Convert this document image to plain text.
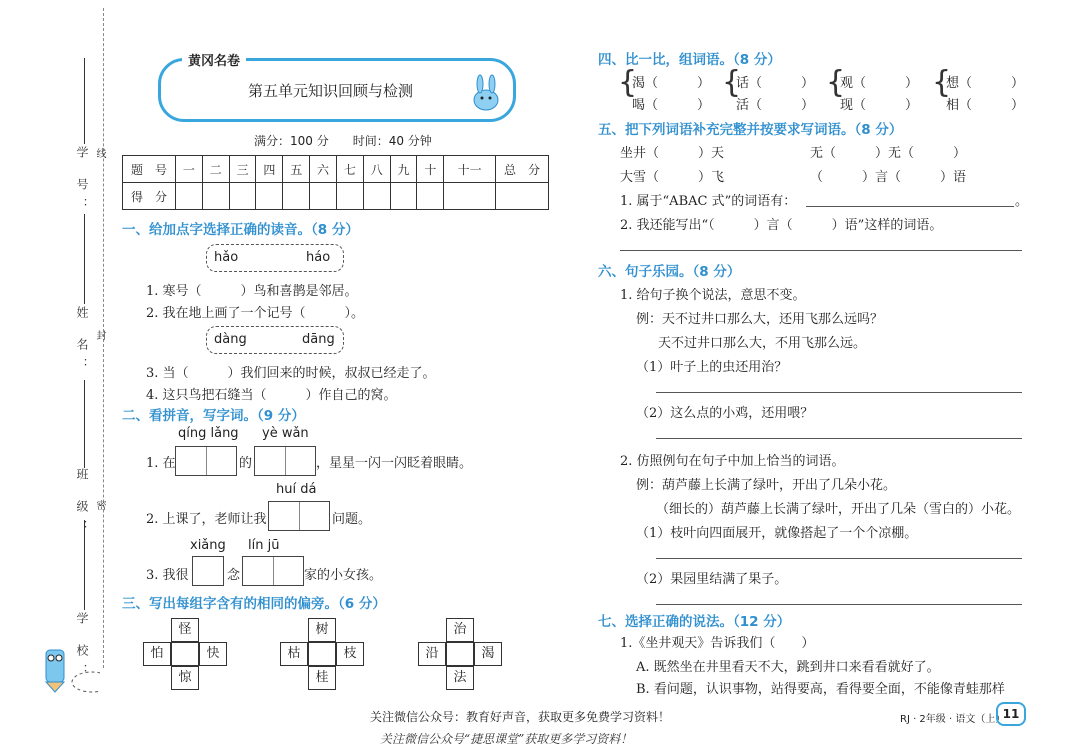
学 号： 线
姓 名： 封
班 级： 密
学 校：
黄冈名卷
第五单元知识回顾与检测
满分：100 分　　时间：40 分钟
题　号	一	二	三	四	五	六	七	八	九	十	十一	总　分
得　分												
一、给加点字选择正确的读音。（8 分）
hǎo	háo
1. 寒号（　　　）鸟和喜鹊是邻居。
2. 我在地上画了一个记号（　　　）。
dàng	dāng
3. 当（　　　）我们回来的时候，叔叔已经走了。
4. 这只鸟把石缝当（　　　）作自己的窝。
二、看拼音，写字词。（9 分）
qíng lǎng yè wǎn
1. 在	的	，星星一闪一闪眨着眼睛。
huí dá
2. 上课了，老师让我	问题。
xiǎng lín jū
3. 我很	念	家的小女孩。
三、写出每组字含有的相同的偏旁。（6 分）
怪
怕	快
惊
树
枯	枝
桂
治
沿	渴
法
四、比一比，组词语。（8 分）
{
渴（　　　）
喝（　　　）
{
话（　　　）
活（　　　）
{
观（　　　）
现（　　　）
{
想（　　　）
相（　　　）
五、把下列词语补充完整并按要求写词语。（8 分）
坐井（　　　）天	无（　　　）无（　　　）
大雪（　　　）飞	（　　　）言（　　　）语
1. 属于“ABAC 式”的词语有：	。
2. 我还能写出“（　　　）言（　　　）语”这样的词语。
六、句子乐园。（8 分）
1. 给句子换个说法，意思不变。
例：天不过井口那么大，还用飞那么远吗？
天不过井口那么大，不用飞那么远。
（1）叶子上的虫还用治？
（2）这么点的小鸡，还用喂？
2. 仿照例句在句子中加上恰当的词语。
例：葫芦藤上长满了绿叶，开出了几朵小花。
（细长的）葫芦藤上长满了绿叶，开出了几朵（雪白的）小花。
（1）枝叶向四面展开，就像搭起了一个个凉棚。
（2）果园里结满了果子。
七、选择正确的说法。（12 分）
1.《坐井观天》告诉我们（　　）
A. 既然坐在井里看天不大，跳到井口来看看就好了。
B. 看问题，认识事物，站得要高，看得要全面，不能像青蛙那样
关注微信公众号：教育好声音，获取更多免费学习资料！	RJ · 2年级 · 语文（上）
11
关注微信公众号“捷思课堂”获取更多学习资料！
